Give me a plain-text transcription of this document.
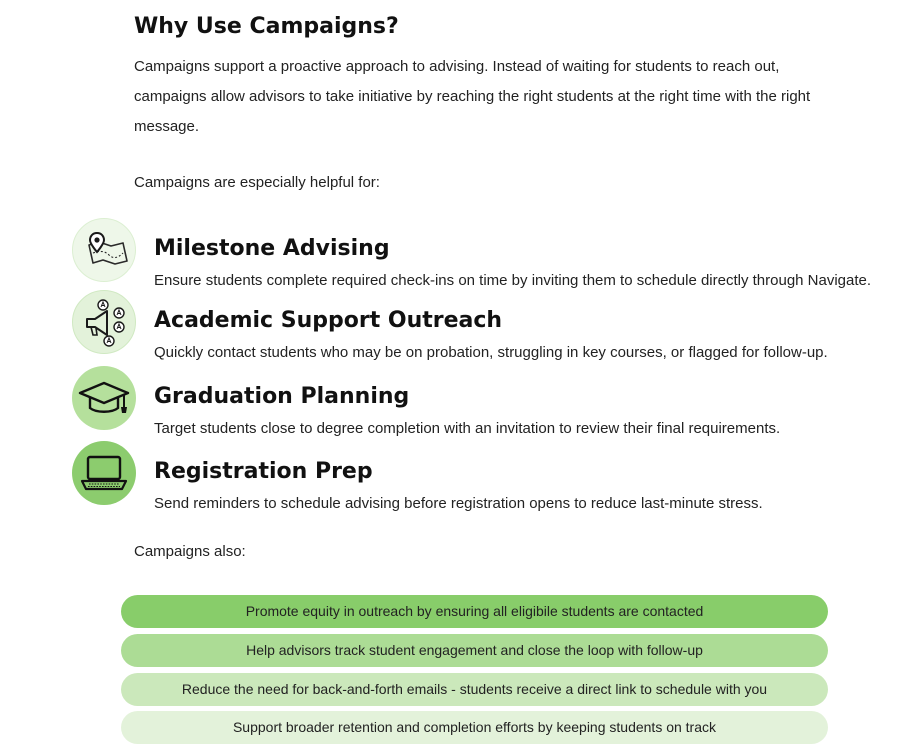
Why Use Campaigns?

Campaigns support a proactive approach to advising. Instead of waiting for students to reach out, campaigns allow advisors to take initiative by reaching the right students at the right time with the right message.

Campaigns are especially helpful for:

Milestone Advising

Ensure students complete required check-ins on time by inviting them to schedule directly through Navigate.

Academic Support Outreach

Quickly contact students who may be on probation, struggling in key courses, or flagged for follow-up.

Graduation Planning

Target students close to degree completion with an invitation to review their final requirements.

Registration Prep

Send reminders to schedule advising before registration opens to reduce last-minute stress.

Campaigns also:

Promote equity in outreach by ensuring all eligibile students are contacted
Help advisors track student engagement and close the loop with follow-up
Reduce the need for back-and-forth emails - students receive a direct link to schedule with you
Support broader retention and completion efforts by keeping students on track
